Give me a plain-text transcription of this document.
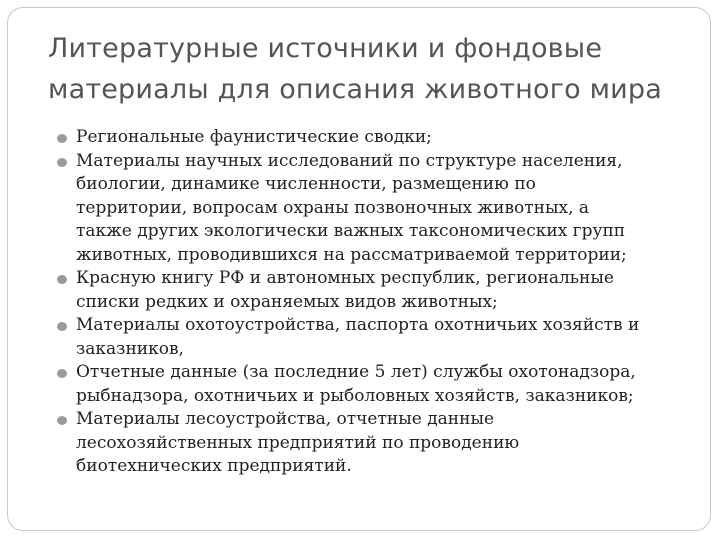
Литературные источники и фондовые
материалы для описания животного мира
Региональные фаунистические сводки;
Материалы научных исследований по структуре населения,
биологии, динамике численности, размещению по
территории, вопросам охраны позвоночных животных, а
также других экологически важных таксономических групп
животных, проводившихся на рассматриваемой территории;
Красную книгу РФ и автономных республик, региональные
списки редких и охраняемых видов животных;
Материалы охотоустройства, паспорта охотничьих хозяйств и
заказников,
Отчетные данные (за последние 5 лет) службы охотонадзора,
рыбнадзора, охотничьих и рыболовных хозяйств, заказников;
Материалы лесоустройства, отчетные данные
лесохозяйственных предприятий по проводению
биотехнических предприятий.
